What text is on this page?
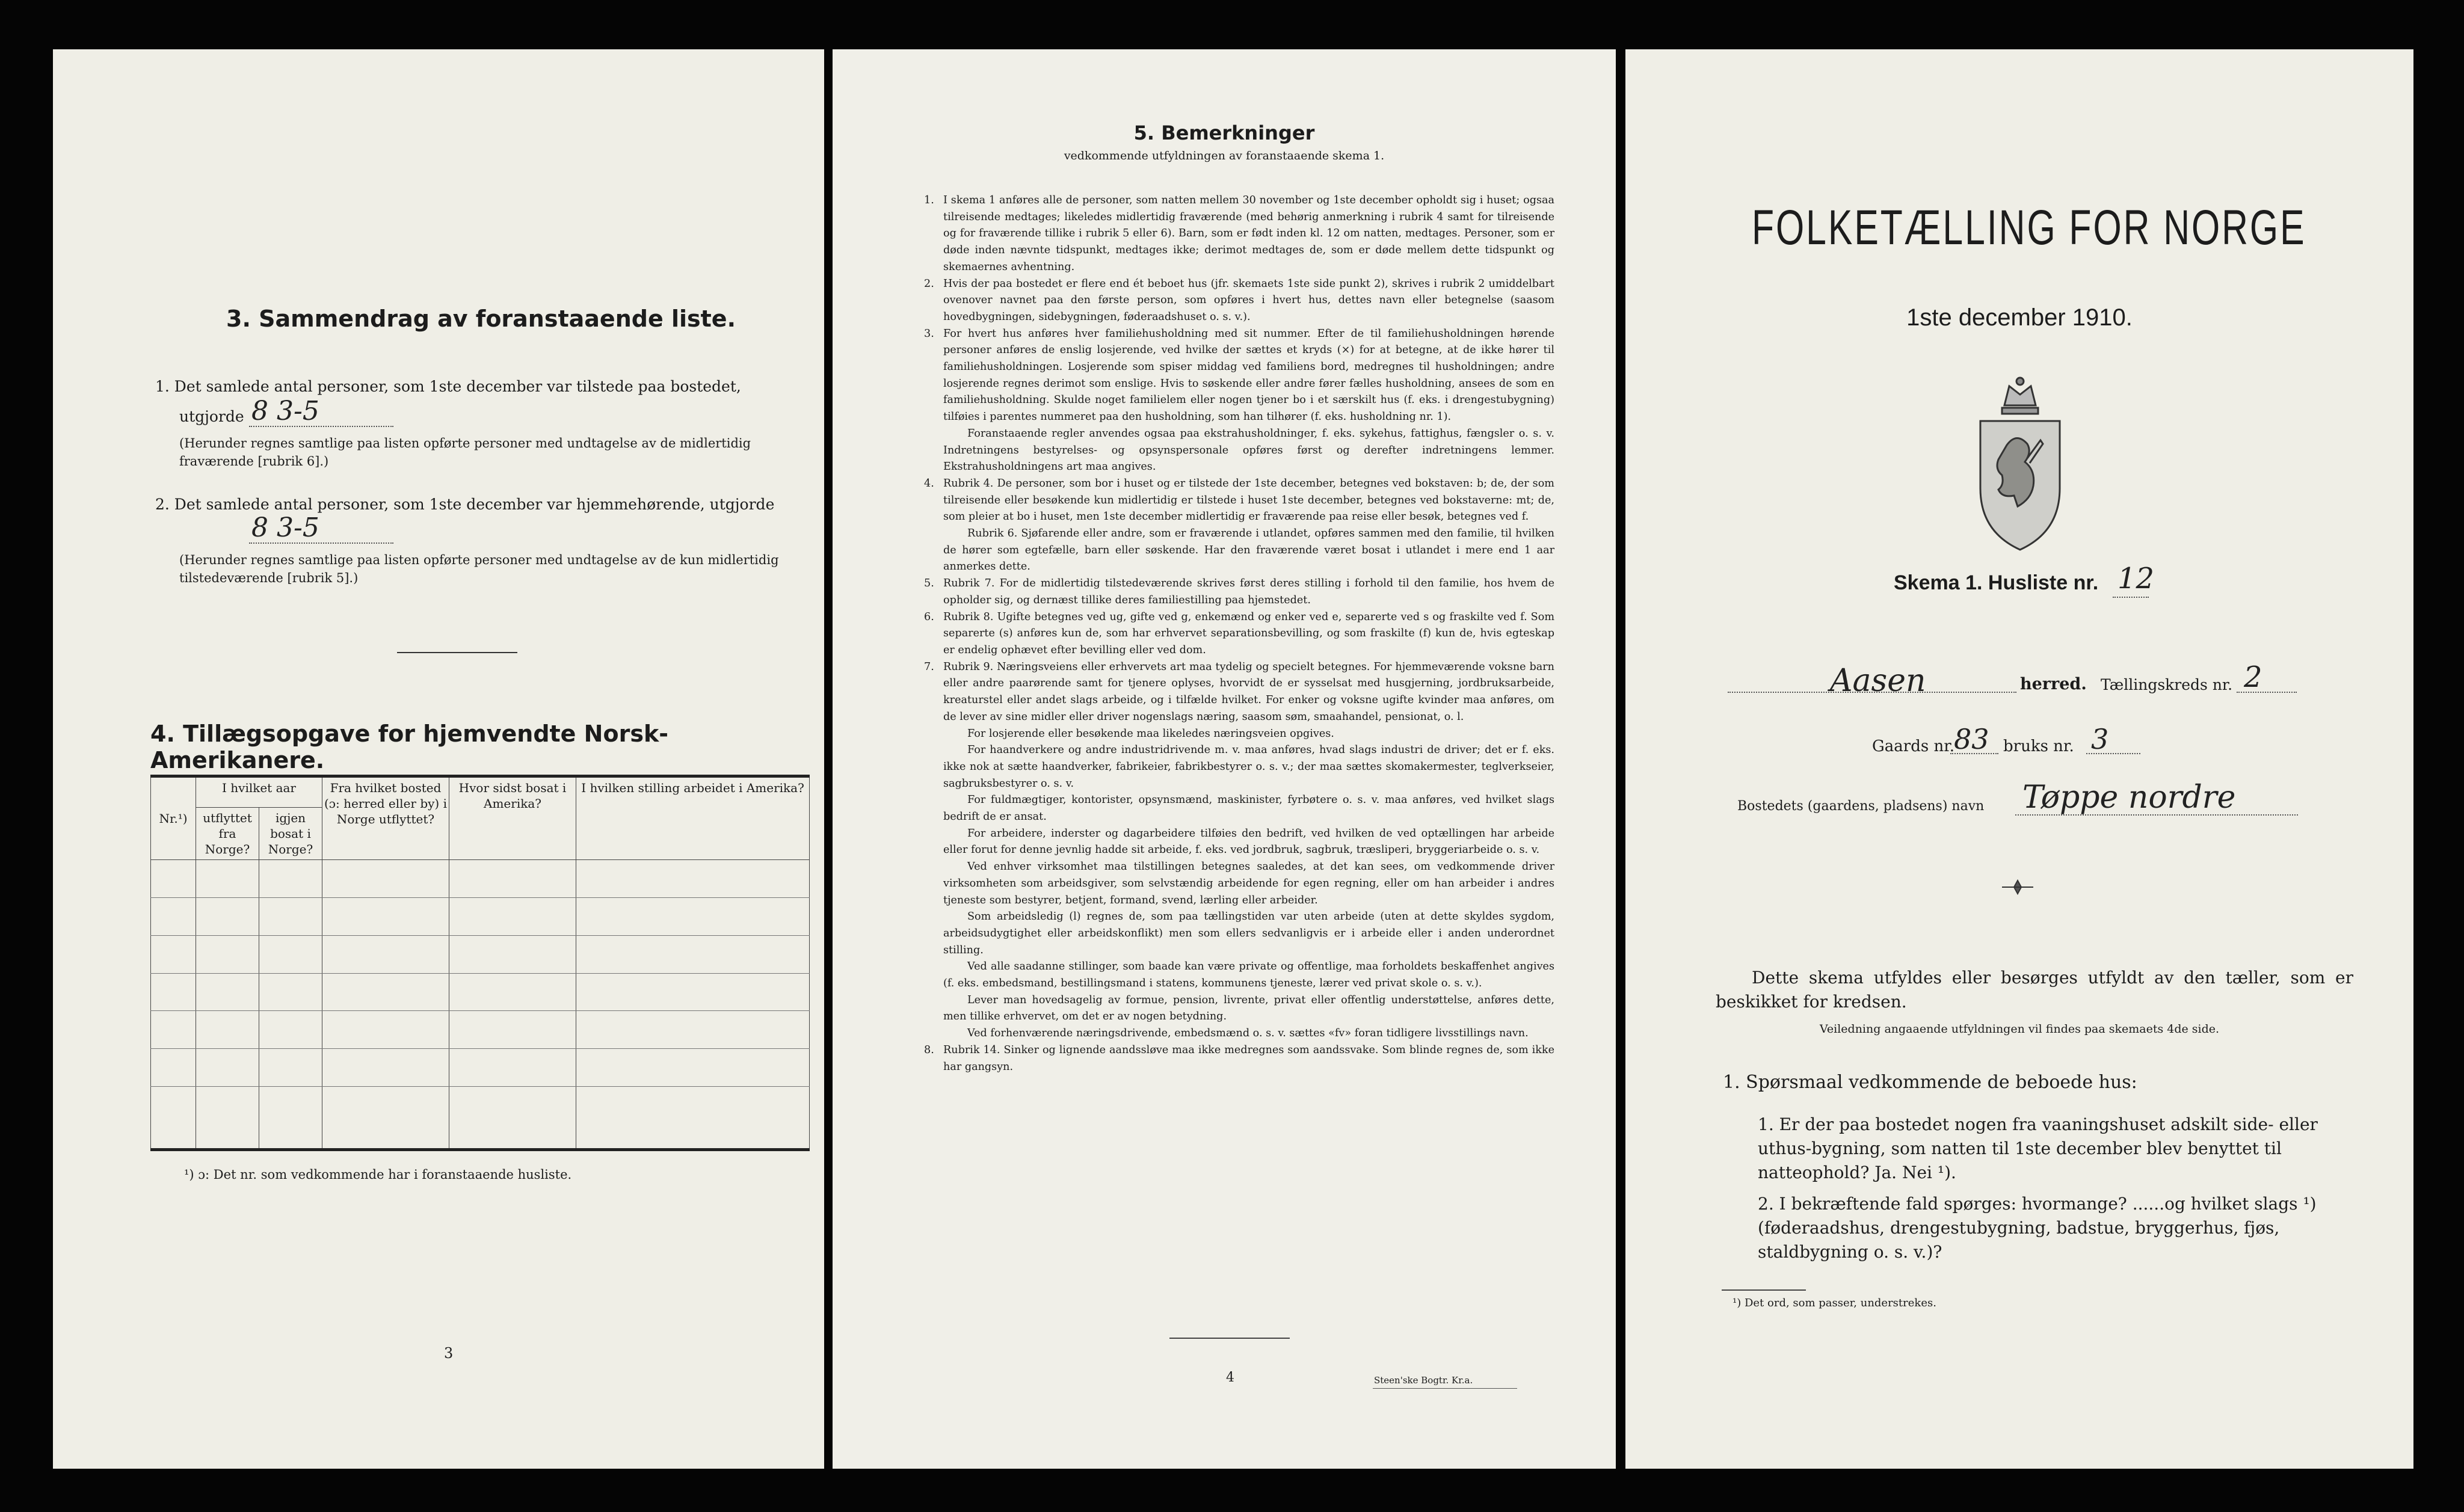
3. Sammendrag av foranstaaende liste.
1. Det samlede antal personer, som 1ste december var tilstede paa bostedet,
utgjorde 8 3-5
(Herunder regnes samtlige paa listen opførte personer med undtagelse av de midlertidig fraværende [rubrik 6].)
2. Det samlede antal personer, som 1ste december var hjemmehørende, utgjorde
8 3-5
(Herunder regnes samtlige paa listen opførte personer med undtagelse av de kun midlertidig tilstedeværende [rubrik 5].)
4. Tillægsopgave for hjemvendte Norsk-Amerikanere.
Nr.¹)	I hvilket aar		Fra hvilket bosted (ɔ: herred eller by) i Norge utflyttet?	Hvor sidst bosat i Amerika?	I hvilken stilling arbeidet i Amerika?
	utflyttet fra Norge?	igjen bosat i Norge?			

¹) ɔ: Det nr. som vedkommende har i foranstaaende husliste.
3
5. Bemerkninger
vedkommende utfyldningen av foranstaaende skema 1.

1. I skema 1 anføres alle de personer, som natten mellem 30 november og 1ste december opholdt sig i huset; ogsaa tilreisende medtages; likeledes midlertidig fraværende (med behørig anmerkning i rubrik 4 samt for tilreisende og for fraværende tillike i rubrik 5 eller 6). Barn, som er født inden kl. 12 om natten, medtages. Personer, som er døde inden nævnte tidspunkt, medtages ikke; derimot medtages de, som er døde mellem dette tidspunkt og skemaernes avhentning.

2. Hvis der paa bostedet er flere end ét beboet hus (jfr. skemaets 1ste side punkt 2), skrives i rubrik 2 umiddelbart ovenover navnet paa den første person, som opføres i hvert hus, dettes navn eller betegnelse (saasom hovedbygningen, sidebygningen, føderaadshuset o. s. v.).

3. For hvert hus anføres hver familiehusholdning med sit nummer. Efter de til familiehusholdningen hørende personer anføres de enslig losjerende, ved hvilke der sættes et kryds (×) for at betegne, at de ikke hører til familiehusholdningen. Losjerende som spiser middag ved familiens bord, medregnes til husholdningen; andre losjerende regnes derimot som enslige. Hvis to søskende eller andre fører fælles husholdning, ansees de som en familiehusholdning. Skulde noget familielem eller nogen tjener bo i et særskilt hus (f. eks. i drengestubygning) tilføies i parentes nummeret paa den husholdning, som han tilhører (f. eks. husholdning nr. 1).

Foranstaaende regler anvendes ogsaa paa ekstrahusholdninger, f. eks. sykehus, fattighus, fængsler o. s. v. Indretningens bestyrelses- og opsynspersonale opføres først og derefter indretningens lemmer. Ekstrahusholdningens art maa angives.

4. Rubrik 4. De personer, som bor i huset og er tilstede der 1ste december, betegnes ved bokstaven: b; de, der som tilreisende eller besøkende kun midlertidig er tilstede i huset 1ste december, betegnes ved bokstaverne: mt; de, som pleier at bo i huset, men 1ste december midlertidig er fraværende paa reise eller besøk, betegnes ved f.

Rubrik 6. Sjøfarende eller andre, som er fraværende i utlandet, opføres sammen med den familie, til hvilken de hører som egtefælle, barn eller søskende. Har den fraværende været bosat i utlandet i mere end 1 aar anmerkes dette.

5. Rubrik 7. For de midlertidig tilstedeværende skrives først deres stilling i forhold til den familie, hos hvem de opholder sig, og dernæst tillike deres familiestilling paa hjemstedet.

6. Rubrik 8. Ugifte betegnes ved ug, gifte ved g, enkemænd og enker ved e, separerte ved s og fraskilte ved f. Som separerte (s) anføres kun de, som har erhvervet separationsbevilling, og som fraskilte (f) kun de, hvis egteskap er endelig ophævet efter bevilling eller ved dom.

7. Rubrik 9. Næringsveiens eller erhvervets art maa tydelig og specielt betegnes. For hjemmeværende voksne barn eller andre paarørende samt for tjenere oplyses, hvorvidt de er sysselsat med husgjerning, jordbruksarbeide, kreaturstel eller andet slags arbeide, og i tilfælde hvilket. For enker og voksne ugifte kvinder maa anføres, om de lever av sine midler eller driver nogenslags næring, saasom søm, smaahandel, pensionat, o. l.

For losjerende eller besøkende maa likeledes næringsveien opgives.

For haandverkere og andre industridrivende m. v. maa anføres, hvad slags industri de driver; det er f. eks. ikke nok at sætte haandverker, fabrikeier, fabrikbestyrer o. s. v.; der maa sættes skomakermester, teglverkseier, sagbruksbestyrer o. s. v.

For fuldmægtiger, kontorister, opsynsmænd, maskinister, fyrbøtere o. s. v. maa anføres, ved hvilket slags bedrift de er ansat.

For arbeidere, inderster og dagarbeidere tilføies den bedrift, ved hvilken de ved optællingen har arbeide eller forut for denne jevnlig hadde sit arbeide, f. eks. ved jordbruk, sagbruk, træsliperi, bryggeriarbeide o. s. v.

Ved enhver virksomhet maa tilstillingen betegnes saaledes, at det kan sees, om vedkommende driver virksomheten som arbeidsgiver, som selvstændig arbeidende for egen regning, eller om han arbeider i andres tjeneste som bestyrer, betjent, formand, svend, lærling eller arbeider.

Som arbeidsledig (l) regnes de, som paa tællingstiden var uten arbeide (uten at dette skyldes sygdom, arbeidsudygtighet eller arbeidskonflikt) men som ellers sedvanligvis er i arbeide eller i anden underordnet stilling.

Ved alle saadanne stillinger, som baade kan være private og offentlige, maa forholdets beskaffenhet angives (f. eks. embedsmand, bestillingsmand i statens, kommunens tjeneste, lærer ved privat skole o. s. v.).

Lever man hovedsagelig av formue, pension, livrente, privat eller offentlig understøttelse, anføres dette, men tillike erhvervet, om det er av nogen betydning.

Ved forhenværende næringsdrivende, embedsmænd o. s. v. sættes «fv» foran tidligere livsstillings navn.

8. Rubrik 14. Sinker og lignende aandssløve maa ikke medregnes som aandssvake. Som blinde regnes de, som ikke har gangsyn.

4	Steen'ske Bogtr. Kr.a.
FOLKETÆLLING FOR NORGE
1ste december 1910.
Skema 1. Husliste nr. 12
Aasen	herred. Tællingskreds nr. 2
Gaards nr.
83 bruks nr. 3
Bostedets (gaardens, pladsens) navn Tøppe nordre
Dette skema utfyldes eller besørges utfyldt av den tæller, som er beskikket for kredsen.
Veiledning angaaende utfyldningen vil findes paa skemaets 4de side.
1. Spørsmaal vedkommende de beboede hus:
1. Er der paa bostedet nogen fra vaaningshuset adskilt side- eller uthus-bygning, som natten til 1ste december blev benyttet til natteophold? Ja. Nei ¹).
2. I bekræftende fald spørges: hvormange? ......og hvilket slags ¹) (føderaadshus, drengestubygning, badstue, bryggerhus, fjøs, staldbygning o. s. v.)?
¹) Det ord, som passer, understrekes.
